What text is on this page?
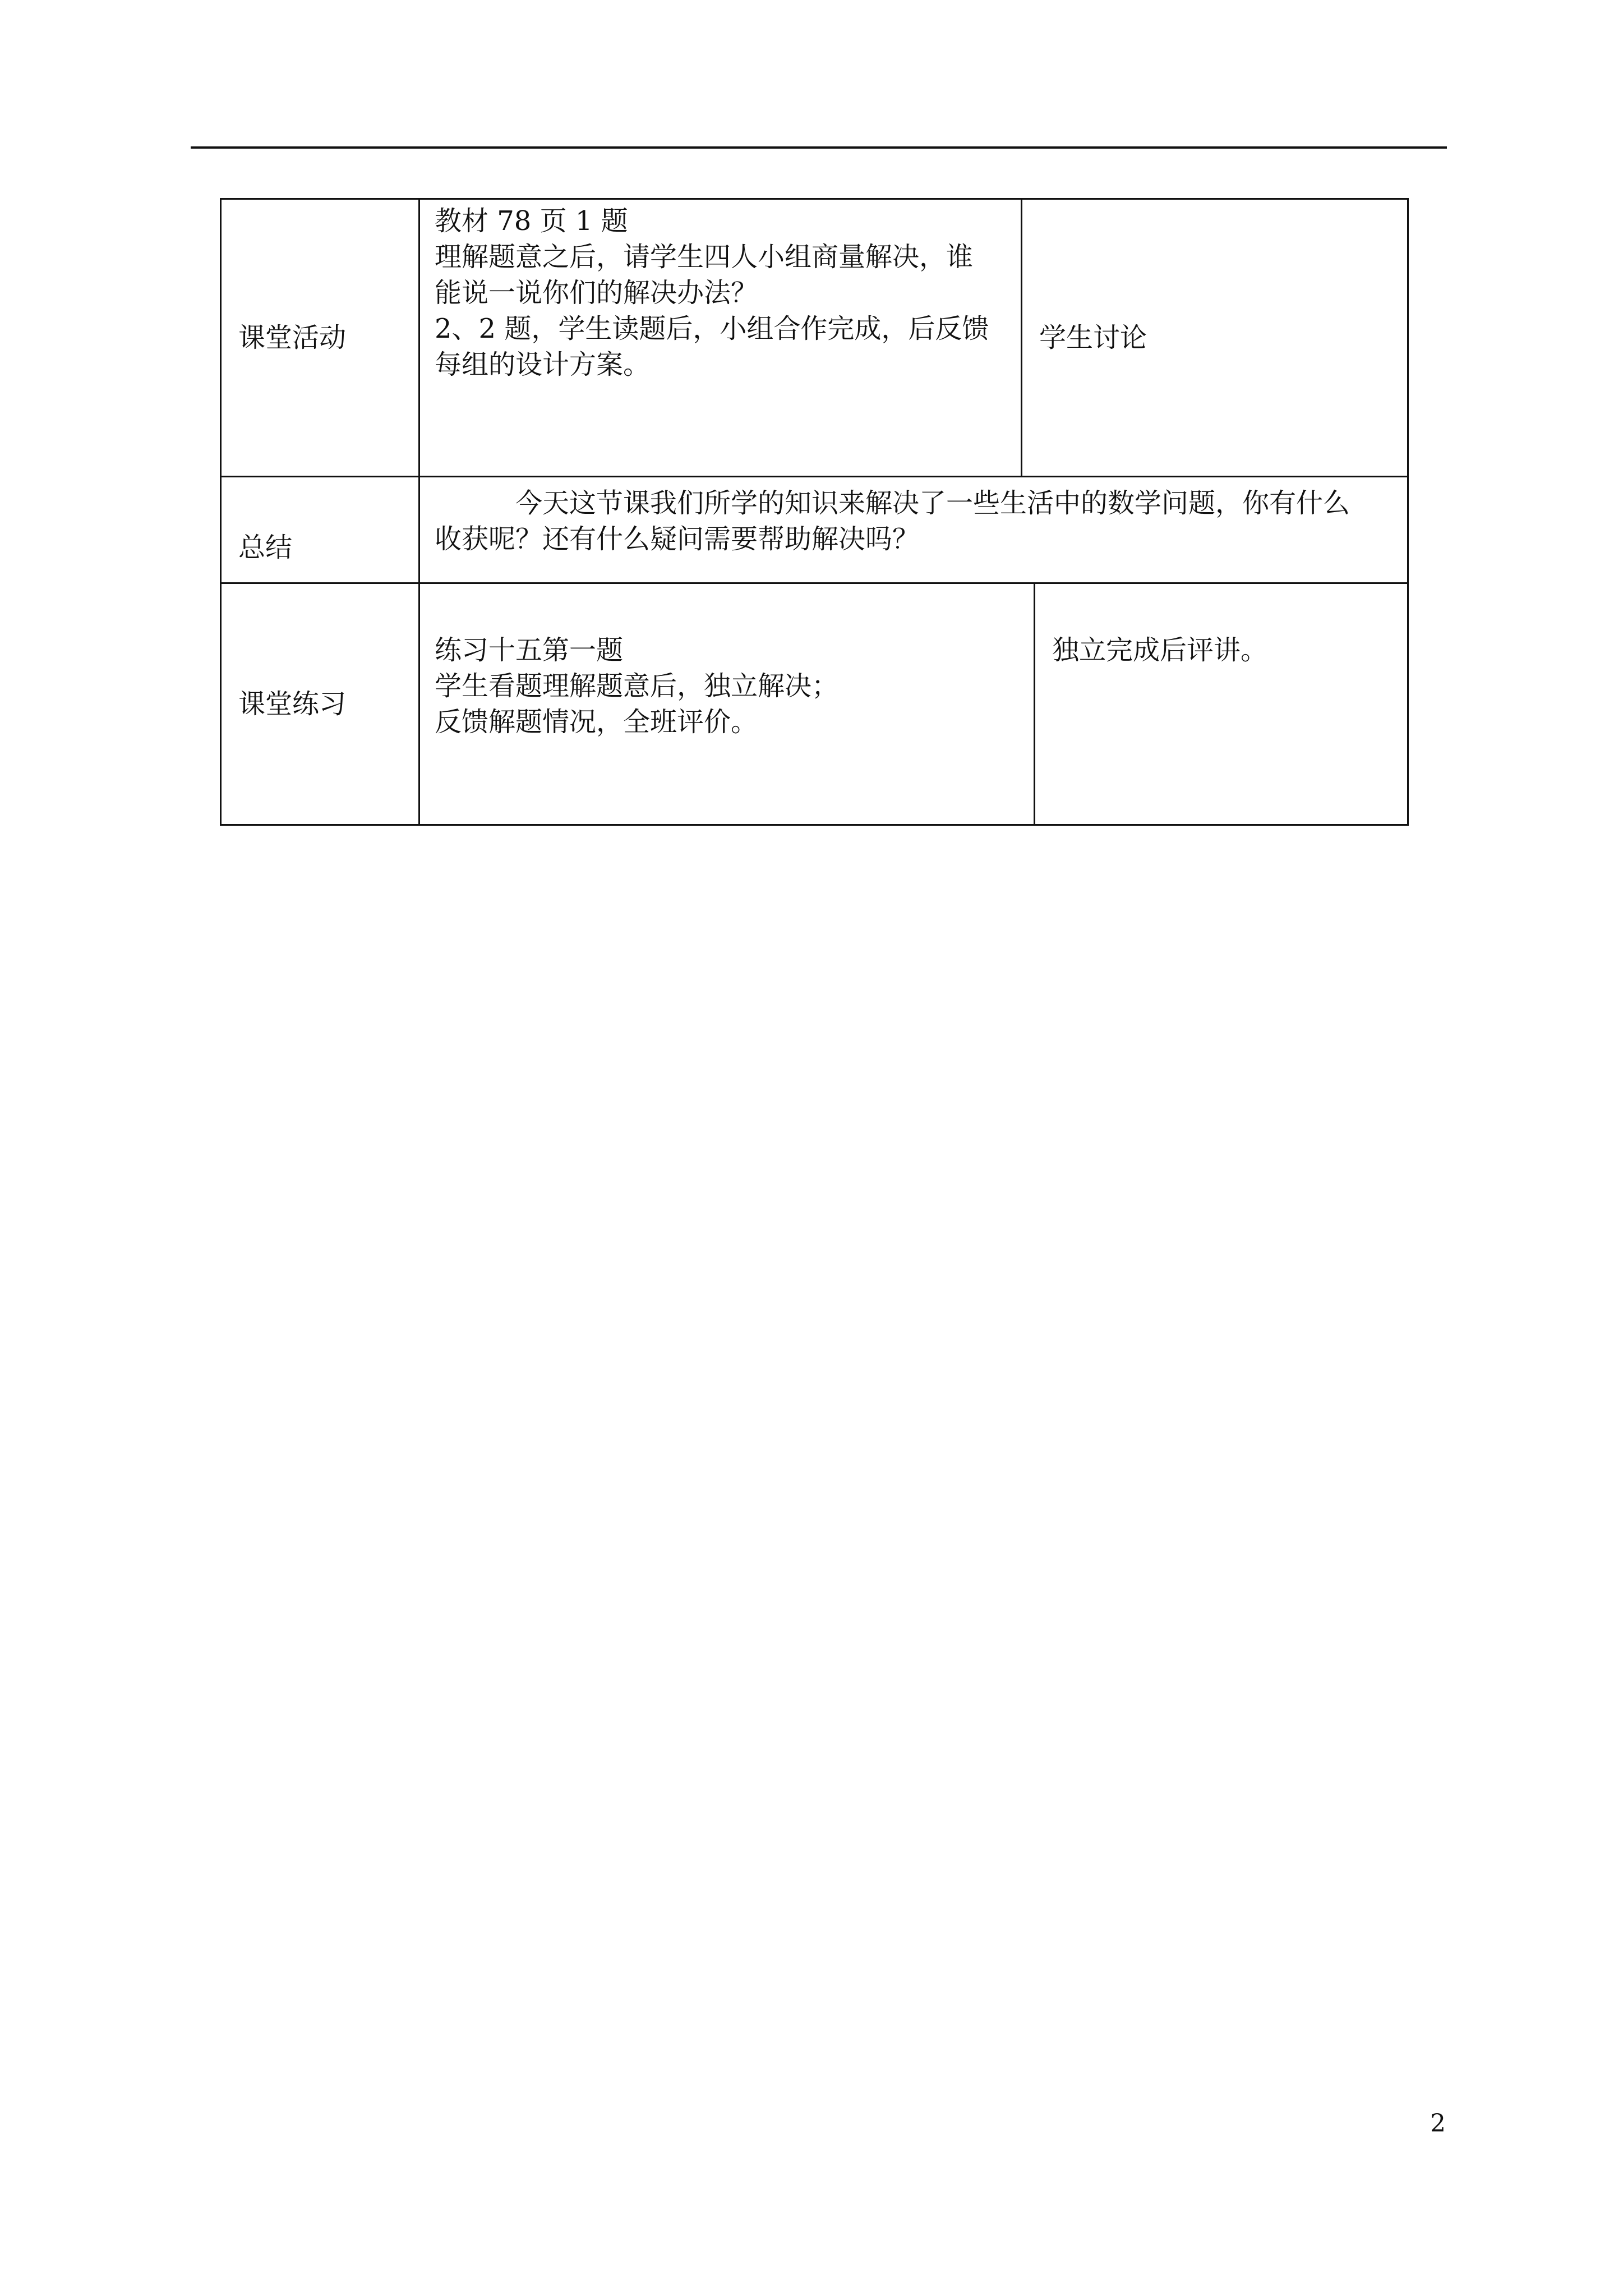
课堂活动
教材 78 页 1 题
理解题意之后，请学生四人小组商量解决，谁
能说一说你们的解决办法？
2、2 题，学生读题后，小组合作完成，后反馈
每组的设计方案。
学生讨论
总结
今天这节课我们所学的知识来解决了一些生活中的数学问题，你有什么
收获呢？还有什么疑问需要帮助解决吗？
课堂练习
练习十五第一题
学生看题理解题意后，独立解决；
反馈解题情况，全班评价。
独立完成后评讲。
2
